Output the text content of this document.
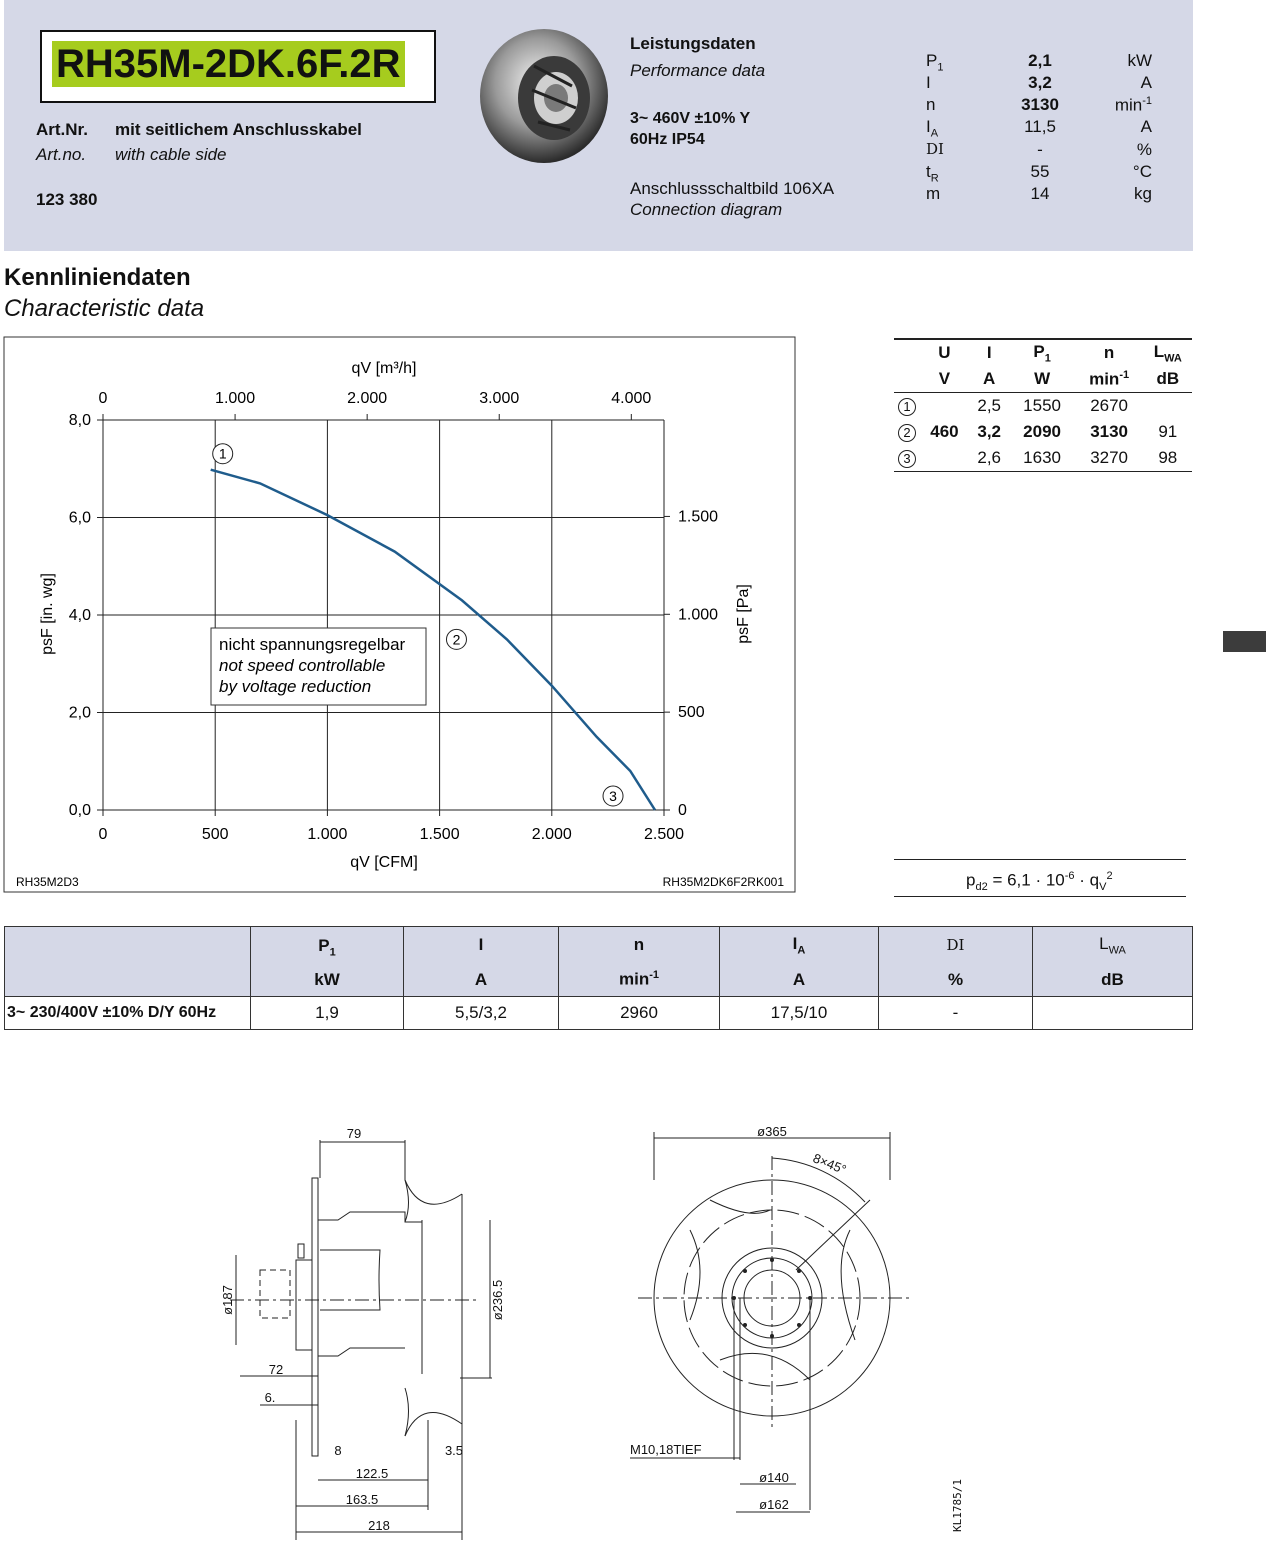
RH35M-2DK.6F.2R
Art.Nr. mit seitlichem Anschlusskabel
Art.no. with cable side
123 380
Leistungsdaten
Performance data
3~ 460V ±10% Y
60Hz IP54
Anschlussschaltbild 106XA
Connection diagram
$P_1$	2,1	kW
I	3,2	A
n	3130	$\min^{-1}$
$I_A$	11,5	A
DI	-	%
$t_R$	55	°C
m	14	kg
Kennliniendaten
Characteristic data
0	500	1.000	1.500	2.000	2.500
0,0
2,0
4,0
6,0
8,0
0	1.000	2.000	3.000	4.000
0
500
1.000
1.500
1
2
3
qV [m³/h]
qV [CFM]
psF [in. wg]	psF [Pa]
nicht spannungsregelbar
not speed controllable
by voltage reduction
RH35M2D3	RH35M2DK6F2RK001
	U	I	$P_1$	n	$L_{WA}$
	V	A	W	$\min^{-1}$	dB
1		2,5	1550	2670	
2	460	3,2	2090	3130	91
3		2,6	1630	3270	98
$p_{d2} = 6,1 \cdot 10^{-6} \cdot q_V^2$
	$P_1$	I	n	$I_A$	DI	$L_{WA}$
	kW	A	$\min^{-1}$	A	%	dB
3~ 230/400V ±10% D/Y 60Hz	1,9	5,5/3,2	2960	17,5/10	-	
79
ø187	ø236.5
72
6.
8	3.5
122.5
163.5
218
ø365
8×45°
M10,18TIEF
ø140
ø162	KL1785/1
